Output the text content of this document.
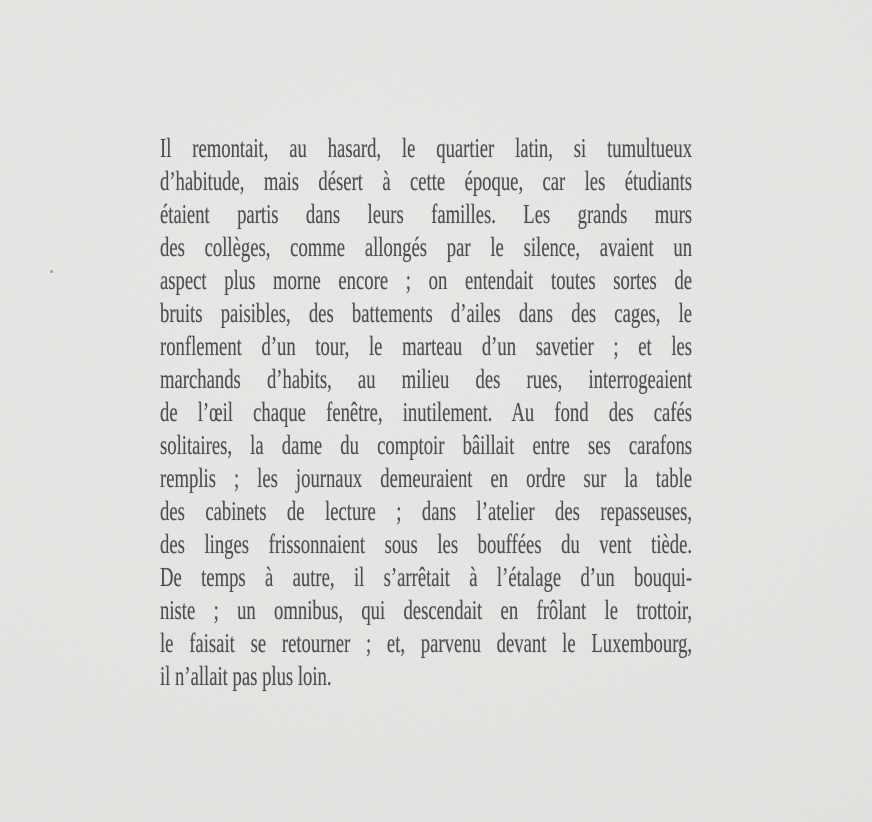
Il remontait, au hasard, le quartier latin, si tumultueux
d’habitude, mais désert à cette époque, car les étudiants
étaient partis dans leurs familles. Les grands murs
des collèges, comme allongés par le silence, avaient un
aspect plus morne encore ; on entendait toutes sortes de
bruits paisibles, des battements d’ailes dans des cages, le
ronflement d’un tour, le marteau d’un savetier ; et les
marchands d’habits, au milieu des rues, interrogeaient
de l’œil chaque fenêtre, inutilement. Au fond des cafés
solitaires, la dame du comptoir bâillait entre ses carafons
remplis ; les journaux demeuraient en ordre sur la table
des cabinets de lecture ; dans l’atelier des repasseuses,
des linges frissonnaient sous les bouffées du vent tiède.
De temps à autre, il s’arrêtait à l’étalage d’un bouqui-
niste ; un omnibus, qui descendait en frôlant le trottoir,
le faisait se retourner ; et, parvenu devant le Luxembourg,
il n’allait pas plus loin.
